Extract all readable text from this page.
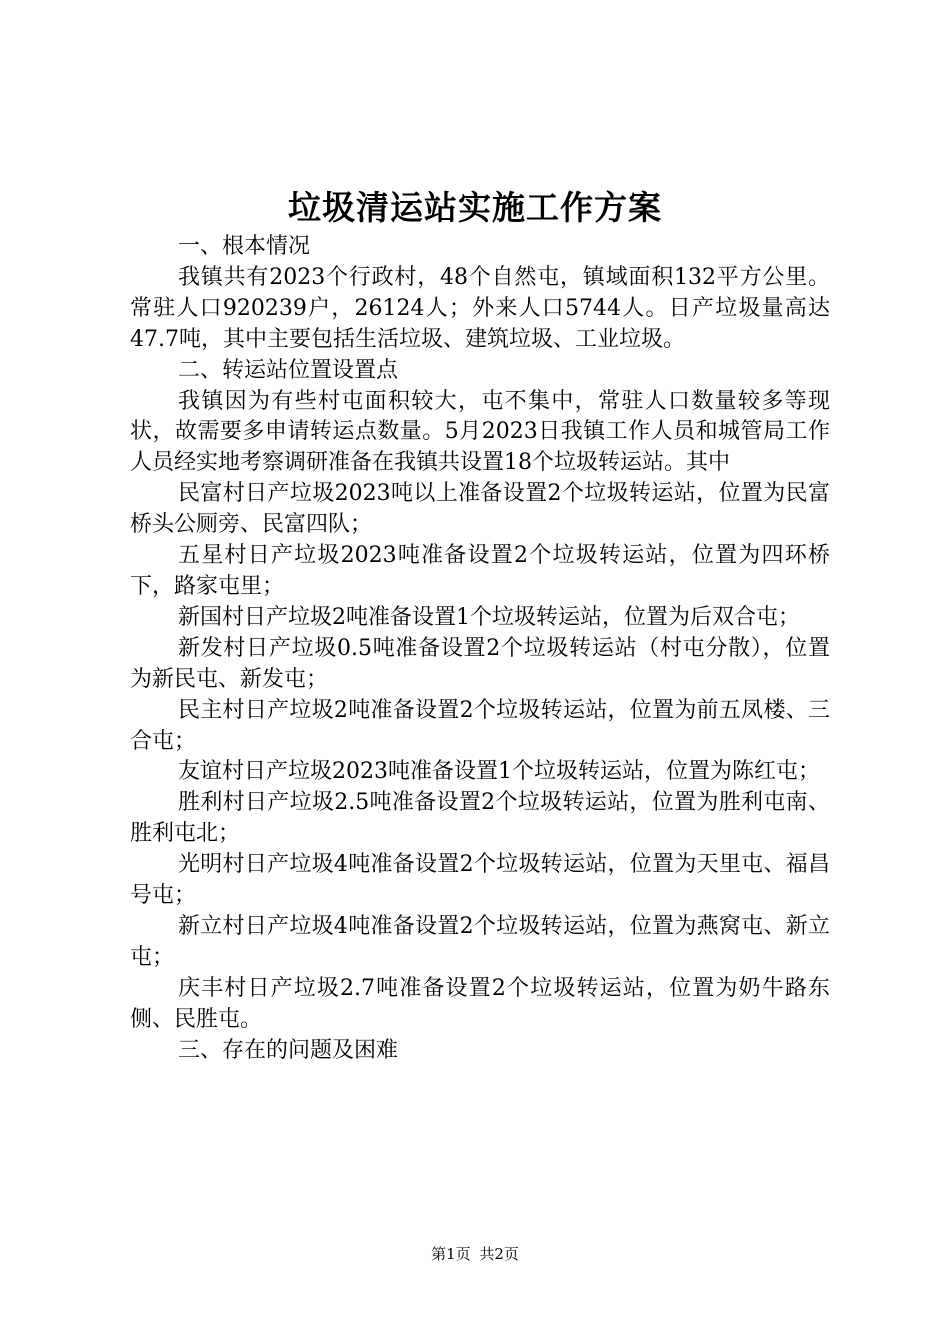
垃圾清运站实施工作方案

一、根本情况

我镇共有2023个行政村，48个自然屯，镇域面积132平方公里。常驻人口920239户，26124人；外来人口5744人。日产垃圾量高达47.7吨，其中主要包括生活垃圾、建筑垃圾、工业垃圾。

二、转运站位置设置点

我镇因为有些村屯面积较大，屯不集中，常驻人口数量较多等现状，故需要多申请转运点数量。5月2023日我镇工作人员和城管局工作人员经实地考察调研准备在我镇共设置18个垃圾转运站。其中

民富村日产垃圾2023吨以上准备设置2个垃圾转运站，位置为民富桥头公厕旁、民富四队；

五星村日产垃圾2023吨准备设置2个垃圾转运站，位置为四环桥下，路家屯里；

新国村日产垃圾2吨准备设置1个垃圾转运站，位置为后双合屯；

新发村日产垃圾0.5吨准备设置2个垃圾转运站（村屯分散），位置为新民屯、新发屯；

民主村日产垃圾2吨准备设置2个垃圾转运站，位置为前五凤楼、三合屯；

友谊村日产垃圾2023吨准备设置1个垃圾转运站，位置为陈红屯；

胜利村日产垃圾2.5吨准备设置2个垃圾转运站，位置为胜利屯南、胜利屯北；

光明村日产垃圾4吨准备设置2个垃圾转运站，位置为天里屯、福昌号屯；

新立村日产垃圾4吨准备设置2个垃圾转运站，位置为燕窝屯、新立屯；

庆丰村日产垃圾2.7吨准备设置2个垃圾转运站，位置为奶牛路东侧、民胜屯。

三、存在的问题及困难

第1页 共2页
